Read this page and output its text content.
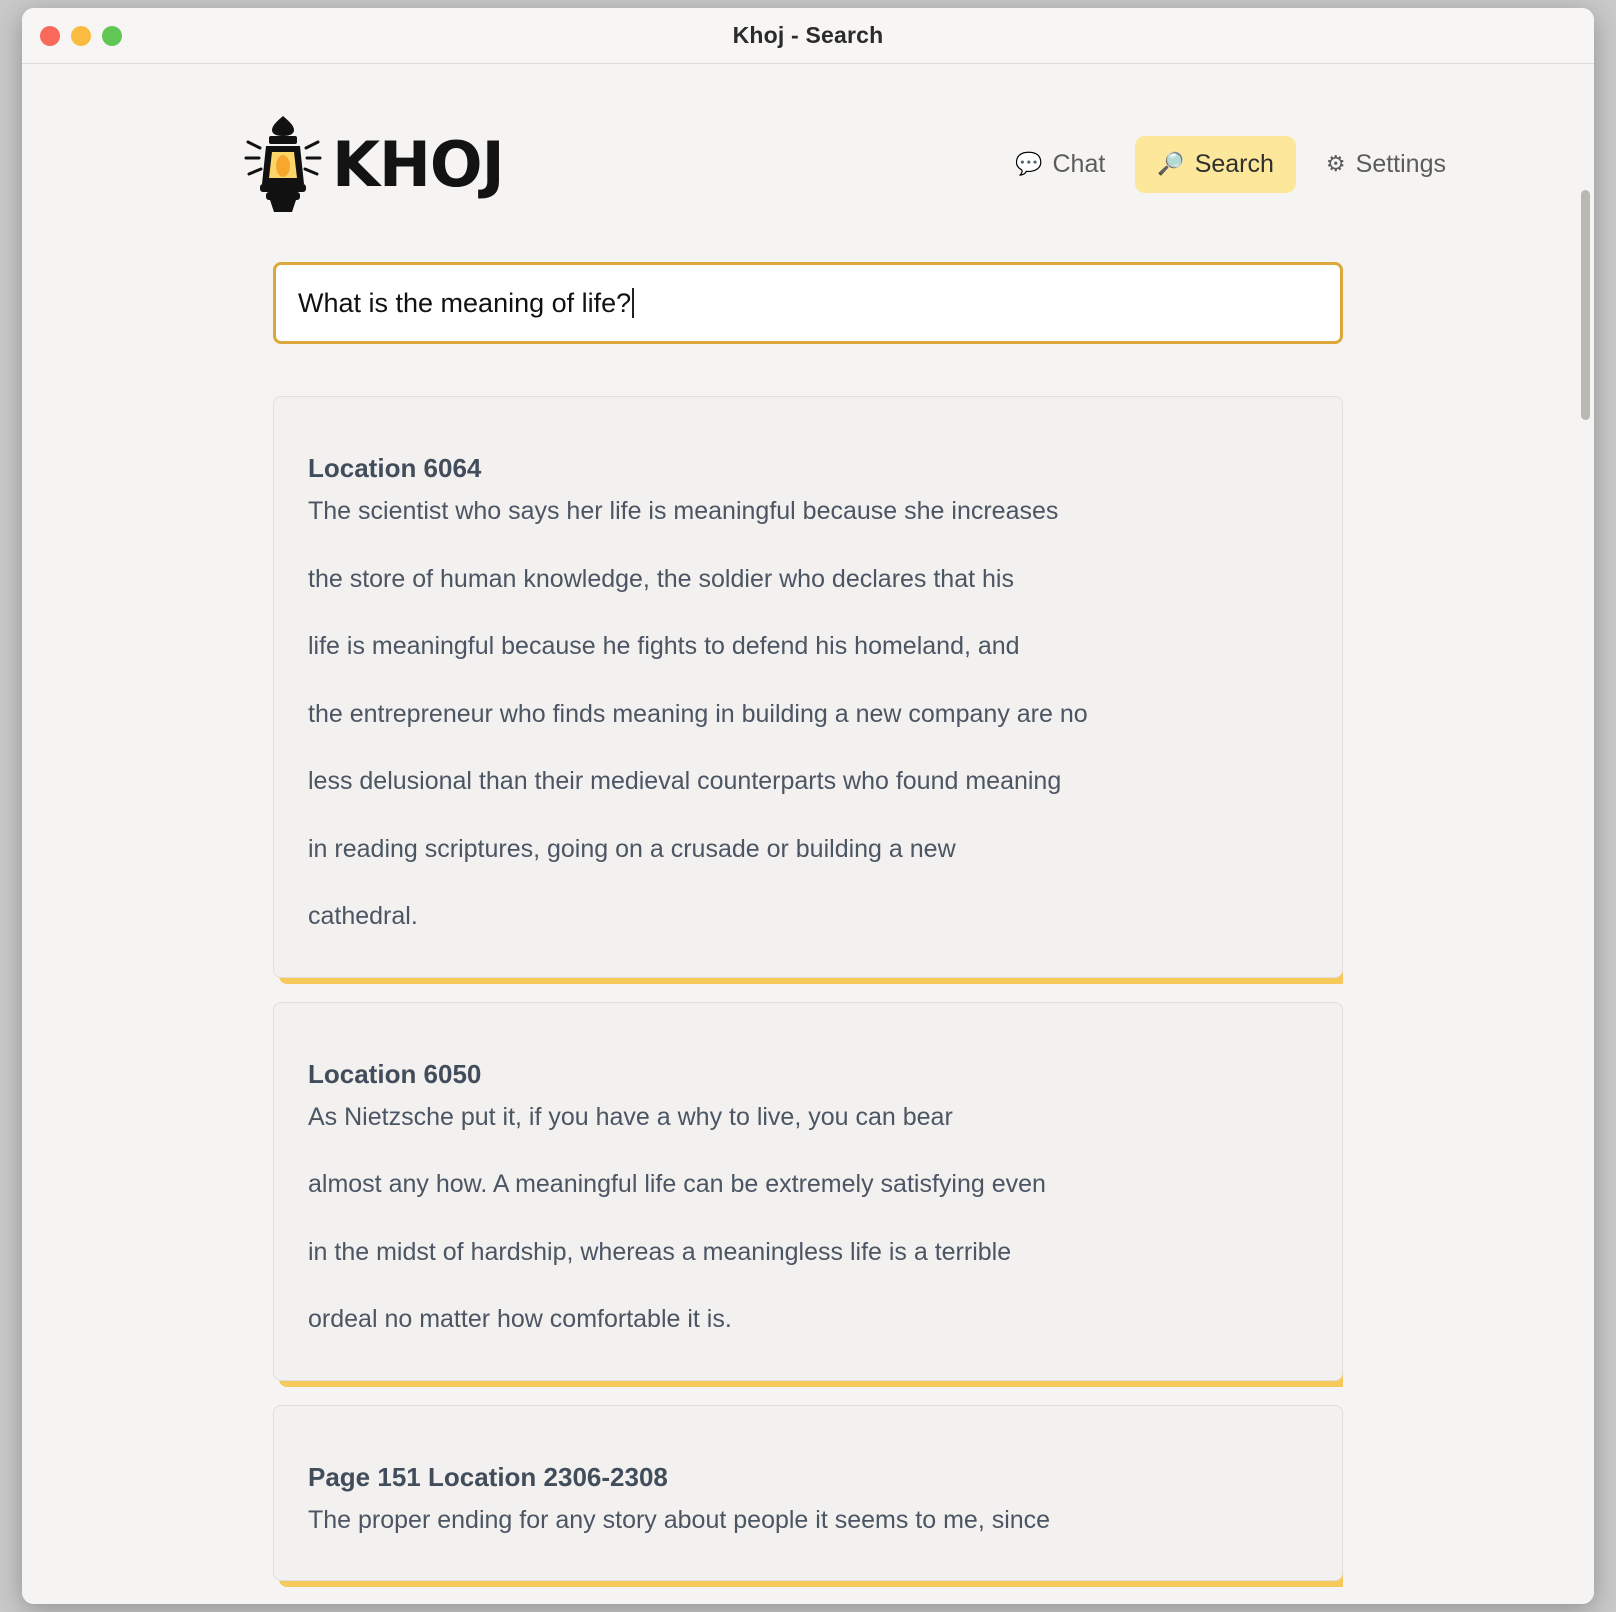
Khoj - Search
KHOJ	💬 Chat 🔎 Search ⚙ Settings
What is the meaning of life?
Location 6064

The scientist who says her life is meaningful because she increases

the store of human knowledge, the soldier who declares that his

life is meaningful because he fights to defend his homeland, and

the entrepreneur who finds meaning in building a new company are no

less delusional than their medieval counterparts who found meaning

in reading scriptures, going on a crusade or building a new

cathedral.

Location 6050

As Nietzsche put it, if you have a why to live, you can bear

almost any how. A meaningful life can be extremely satisfying even

in the midst of hardship, whereas a meaningless life is a terrible

ordeal no matter how comfortable it is.

Page 151 Location 2306-2308

The proper ending for any story about people it seems to me, since
